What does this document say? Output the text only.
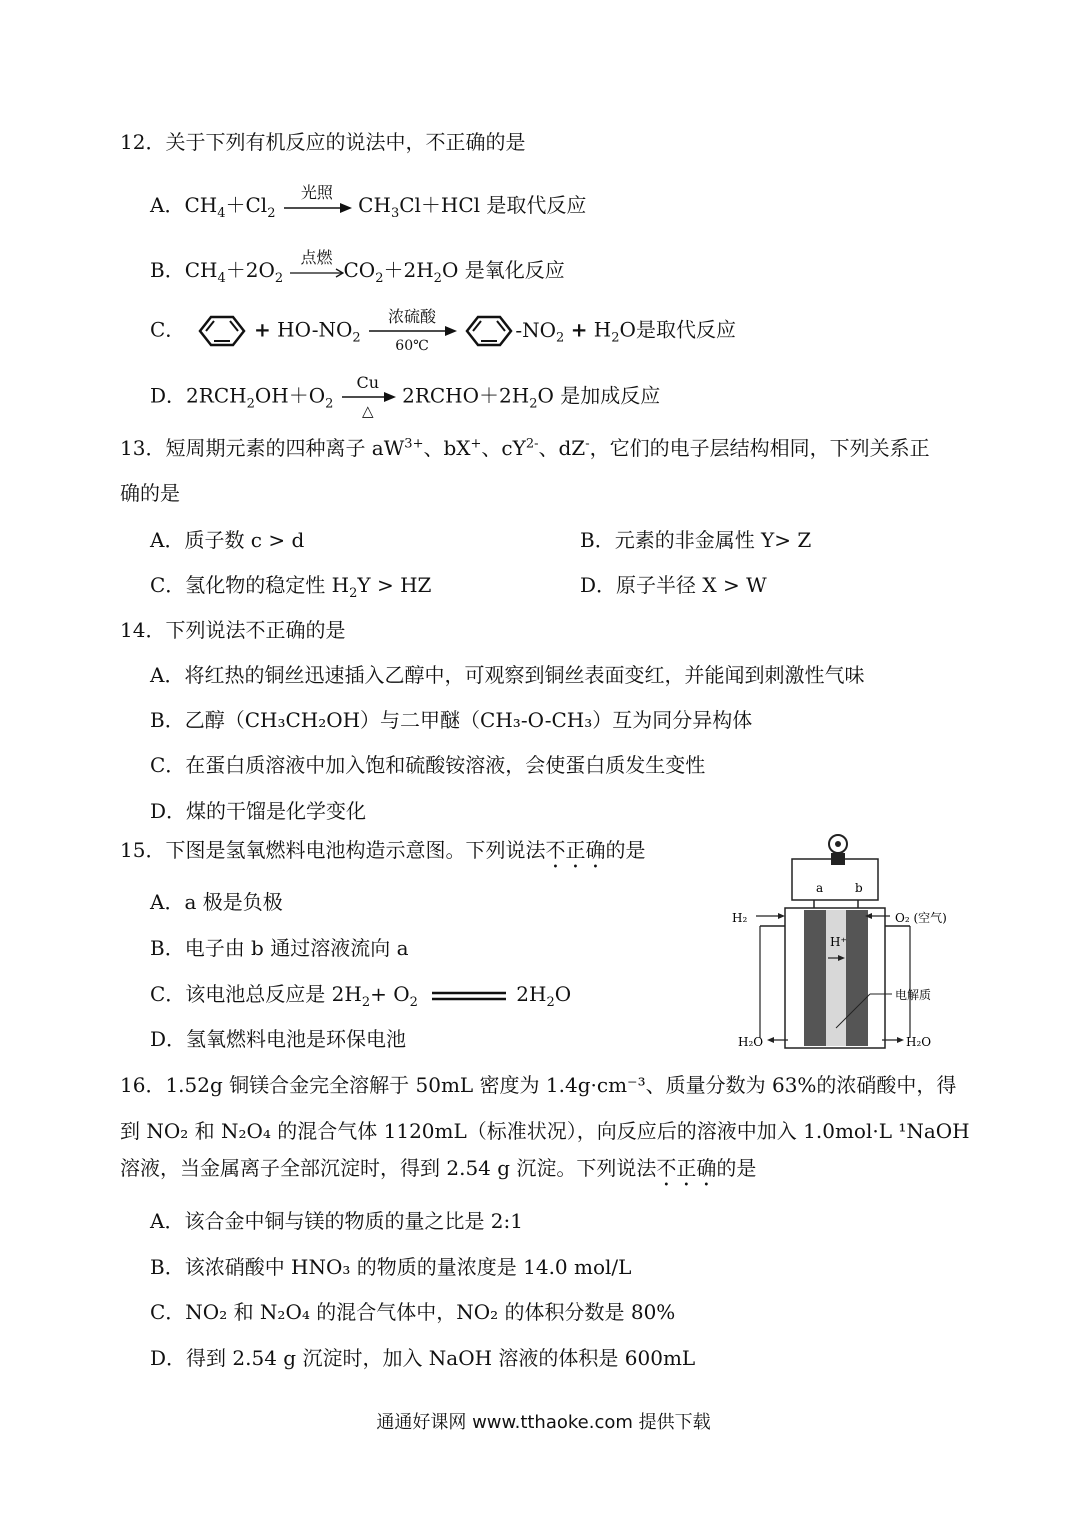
12．关于下列有机反应的说法中，不正确的是
A．$CH_4+Cl_2$
光照
$CH_3Cl+HCl$ 是取代反应
B．$CH_4+2O_2$
点燃
$CO_2+2H_2O$ 是氧化反应
C．	+ $HO-NO_2$
浓硫酸
60℃
$-NO_2 + H_2O$是取代反应
D．$2RCH_2OH+O_2$
Cu
△
$2RCHO+2H_2O$ 是加成反应
13．短周期元素的四种离子 $aW^{3+}$、bX+、$cY^{2-}$、dZ-，它们的电子层结构相同，下列关系正
确的是
A．质子数 c > d	B．元素的非金属性 Y> Z
C．氢化物的稳定性 $H_2Y$ > HZ	D．原子半径 X > W
14．下列说法不正确的是
A．将红热的铜丝迅速插入乙醇中，可观察到铜丝表面变红，并能闻到刺激性气味
B．乙醇（CH₃CH₂OH）与二甲醚（CH₃-O-CH₃）互为同分异构体
C．在蛋白质溶液中加入饱和硫酸铵溶液，会使蛋白质发生变性
D．煤的干馏是化学变化
15．下图是氢氧燃料电池构造示意图。下列说法不正确的是
A．a 极是负极
B．电子由 b 通过溶液流向 a
C．该电池总反应是 $2H_2+ O_2$	$2H_2O$
D．氢氧燃料电池是环保电池
a	b
H₂	O₂ (空气)
H⁺
电解质
H₂O	H₂O
16．1.52g 铜镁合金完全溶解于 50mL 密度为 1.4g·cm⁻³、质量分数为 63%的浓硝酸中，得
到 NO₂ 和 N₂O₄ 的混合气体 1120mL（标准状况），向反应后的溶液中加入 1.0mol·L ¹NaOH
溶液，当金属离子全部沉淀时，得到 2.54 g 沉淀。下列说法不正确的是
A．该合金中铜与镁的物质的量之比是 2:1
B．该浓硝酸中 HNO₃ 的物质的量浓度是 14.0 mol/L
C．NO₂ 和 N₂O₄ 的混合气体中，NO₂ 的体积分数是 80%
D．得到 2.54 g 沉淀时，加入 NaOH 溶液的体积是 600mL
通通好课网 www.tthaoke.com 提供下载
